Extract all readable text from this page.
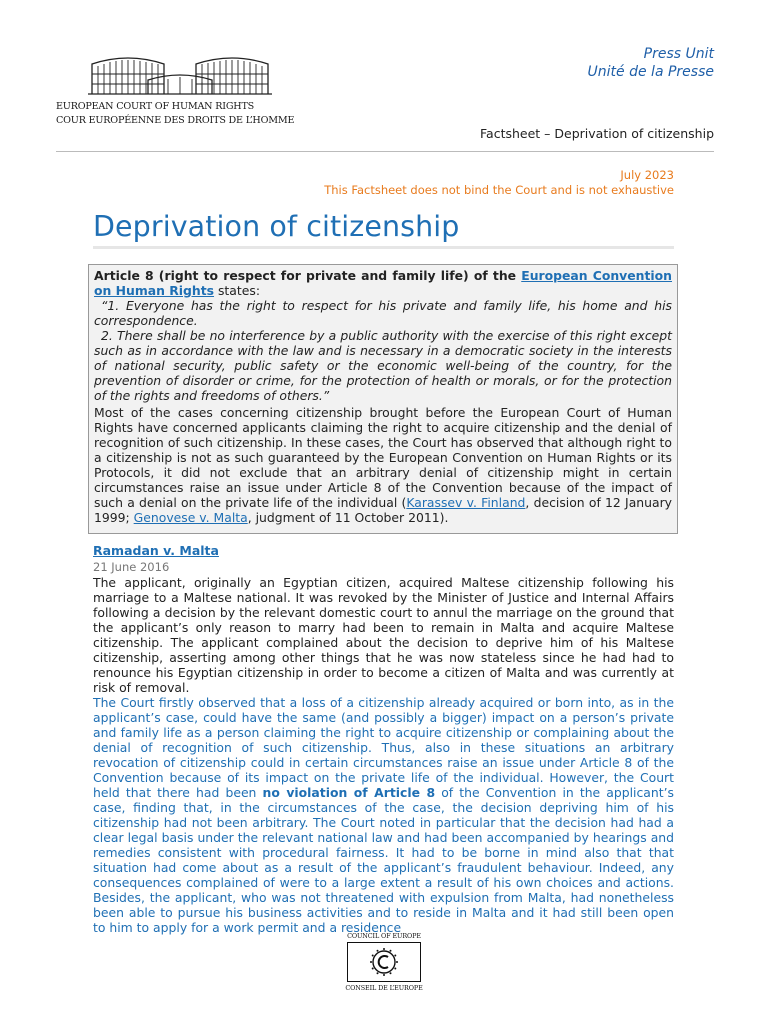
EUROPEAN COURT OF HUMAN RIGHTS
COUR EUROPÉENNE DES DROITS DE L’HOMME
Press Unit
Unité de la Presse
Factsheet – Deprivation of citizenship
July 2023
This Factsheet does not bind the Court and is not exhaustive
Deprivation of citizenship

Article 8 (right to respect for private and family life) of the European Convention on Human Rights states:

“1. Everyone has the right to respect for his private and family life, his home and his correspondence.

2. There shall be no interference by a public authority with the exercise of this right except such as in accordance with the law and is necessary in a democratic society in the interests of national security, public safety or the economic well-being of the country, for the prevention of disorder or crime, for the protection of health or morals, or for the protection of the rights and freedoms of others.”

Most of the cases concerning citizenship brought before the European Court of Human Rights have concerned applicants claiming the right to acquire citizenship and the denial of recognition of such citizenship. In these cases, the Court has observed that although right to a citizenship is not as such guaranteed by the European Convention on Human Rights or its Protocols, it did not exclude that an arbitrary denial of citizenship might in certain circumstances raise an issue under Article 8 of the Convention because of the impact of such a denial on the private life of the individual (Karassev v. Finland, decision of 12 January 1999; Genovese v. Malta, judgment of 11 October 2011).

Ramadan v. Malta
21 June 2016

The applicant, originally an Egyptian citizen, acquired Maltese citizenship following his marriage to a Maltese national. It was revoked by the Minister of Justice and Internal Affairs following a decision by the relevant domestic court to annul the marriage on the ground that the applicant’s only reason to marry had been to remain in Malta and acquire Maltese citizenship. The applicant complained about the decision to deprive him of his Maltese citizenship, asserting among other things that he was now stateless since he had had to renounce his Egyptian citizenship in order to become a citizen of Malta and was currently at risk of removal.

The Court firstly observed that a loss of a citizenship already acquired or born into, as in the applicant’s case, could have the same (and possibly a bigger) impact on a person’s private and family life as a person claiming the right to acquire citizenship or complaining about the denial of recognition of such citizenship. Thus, also in these situations an arbitrary revocation of citizenship could in certain circumstances raise an issue under Article 8 of the Convention because of its impact on the private life of the individual. However, the Court held that there had been no violation of Article 8 of the Convention in the applicant’s case, finding that, in the circumstances of the case, the decision depriving him of his citizenship had not been arbitrary. The Court noted in particular that the decision had had a clear legal basis under the relevant national law and had been accompanied by hearings and remedies consistent with procedural fairness. It had to be borne in mind also that that situation had come about as a result of the applicant’s fraudulent behaviour. Indeed, any consequences complained of were to a large extent a result of his own choices and actions. Besides, the applicant, who was not threatened with expulsion from Malta, had nonetheless been able to pursue his business activities and to reside in Malta and it had still been open to him to apply for a work permit and a residence

COUNCIL OF EUROPE
CONSEIL DE L’EUROPE
